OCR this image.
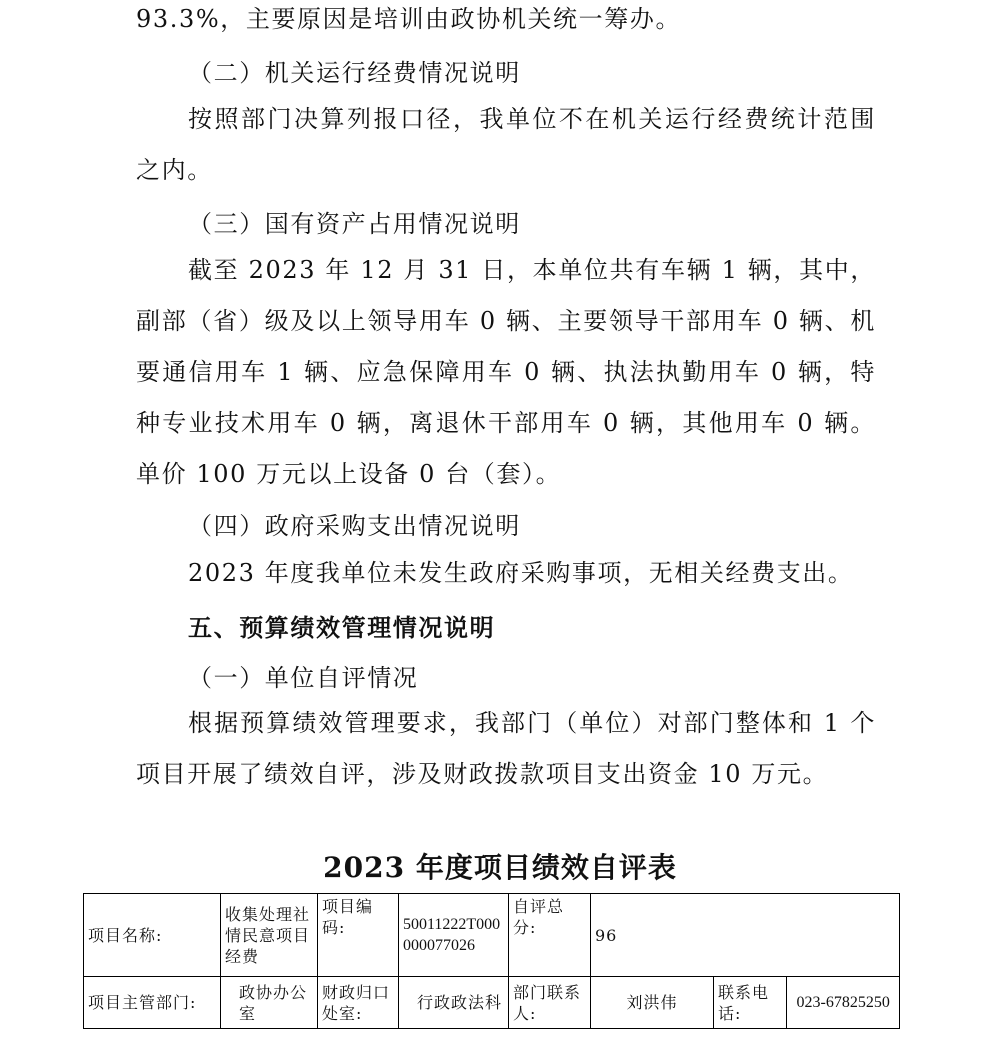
93.3%，主要原因是培训由政协机关统一筹办。

（二）机关运行经费情况说明

按照部门决算列报口径，我单位不在机关运行经费统计范围之内。

（三）国有资产占用情况说明

截至 2023 年 12 月 31 日，本单位共有车辆 1 辆，其中，副部（省）级及以上领导用车 0 辆、主要领导干部用车 0 辆、机要通信用车 1 辆、应急保障用车 0 辆、执法执勤用车 0 辆，特种专业技术用车 0 辆，离退休干部用车 0 辆，其他用车 0 辆。单价 100 万元以上设备 0 台（套）。

（四）政府采购支出情况说明

2023 年度我单位未发生政府采购事项，无相关经费支出。

五、预算绩效管理情况说明
（一）单位自评情况

根据预算绩效管理要求，我部门（单位）对部门整体和 1 个项目开展了绩效自评，涉及财政拨款项目支出资金 10 万元。

2023 年度项目绩效自评表
项目名称:	收集处理社情民意项目经费	项目编码:	50011222T000000077026	自评总分:	96		
项目主管部门:	政协办公室	财政归口处室:	行政政法科	部门联系人:	刘洪伟	联系电话:	023-67825250
